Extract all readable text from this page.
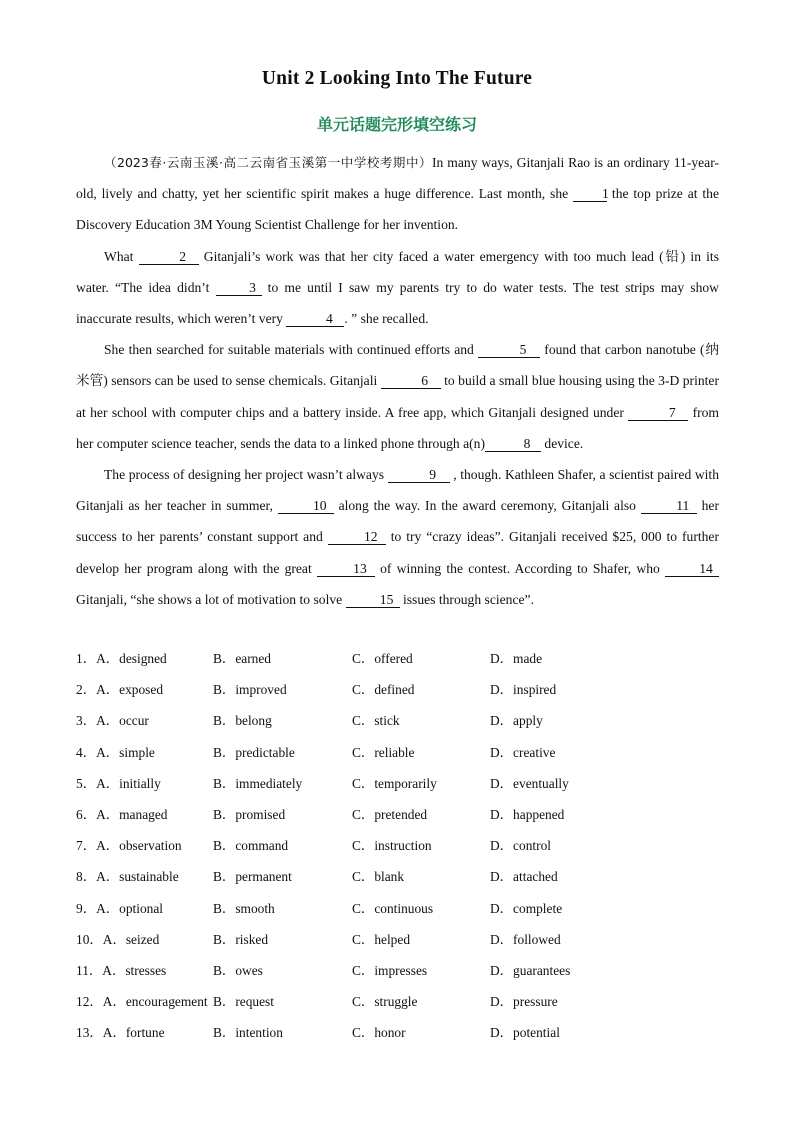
Unit 2 Looking Into The Future
单元话题完形填空练习

（2023春·云南玉溪·高二云南省玉溪第一中学校考期中）In many ways, Gitanjali Rao is an ordinary 11-year-old, lively and chatty, yet her scientific spirit makes a huge difference. Last month, she 1 the top prize at the Discovery Education 3M Young Scientist Challenge for her invention.

What	2 Gitanjali’s work was that her city faced a water emergency with too much lead (铅) in its water. “The idea didn’t 3 to me until I saw my parents try to do water tests. The test strips may show inaccurate results, which weren’t very	4 . ” she recalled.

She then searched for suitable materials with continued efforts and	5 found that carbon nanotube (纳米管) sensors can be used to sense chemicals. Gitanjali	6 to build a small blue housing using the 3-D printer at her school with computer chips and a battery inside. A free app, which Gitanjali designed under	7 from her computer science teacher, sends the data to a linked phone through a(n)	8 device.

The process of designing her project wasn’t always	9 , though. Kathleen Shafer, a scientist paired with Gitanjali as her teacher in summer,	10 along the way. In the award ceremony, Gitanjali also	11 her success to her parents’ constant support and	12 to try “crazy ideas”. Gitanjali received $25, 000 to further develop her program along with the great	13 of winning the contest. According to Shafer, who	14 Gitanjali, “she shows a lot of motivation to solve	15 issues through science”.

1．A．designed	B．earned	C．offered	D．made
2．A．exposed	B．improved	C．defined	D．inspired
3．A．occur	B．belong	C．stick	D．apply
4．A．simple	B．predictable	C．reliable	D．creative
5．A．initially	B．immediately	C．temporarily	D．eventually
6．A．managed	B．promised	C．pretended	D．happened
7．A．observation B．command	C．instruction	D．control
8．A．sustainable	B．permanent	C．blank	D．attached
9．A．optional	B．smooth	C．continuous	D．complete
10．A．seized	B．risked	C．helped	D．followed
11．A．stresses	B．owes	C．impresses	D．guarantees
12．A．encouragement B．request	C．struggle	D．pressure
13．A．fortune	B．intention	C．honor	D．potential
